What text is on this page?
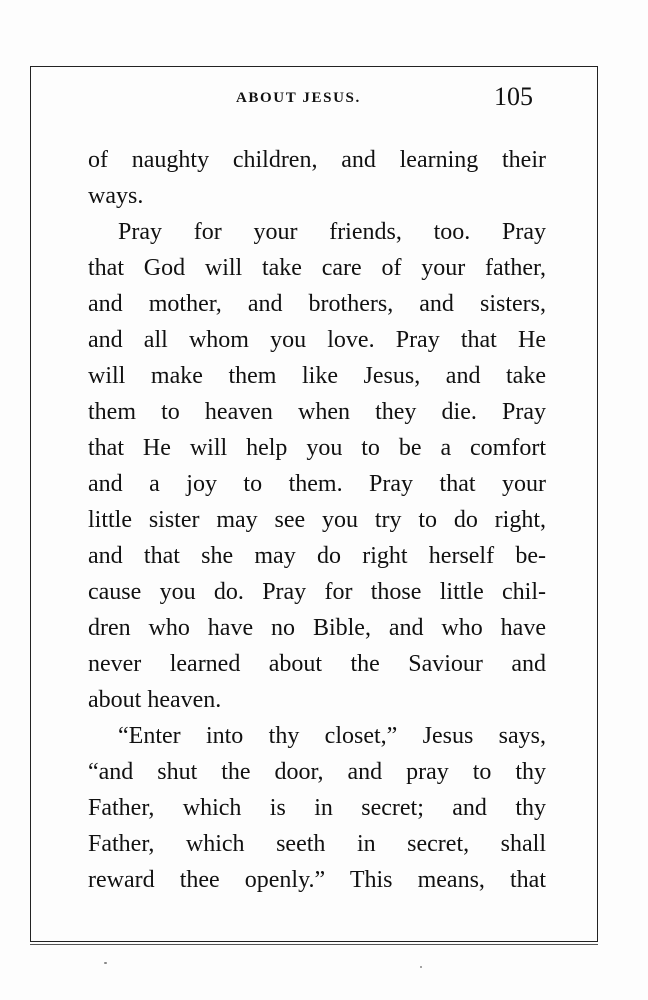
ABOUT JESUS.	105
of naughty children, and learning their
ways.
Pray for your friends, too. Pray
that God will take care of your father,
and mother, and brothers, and sisters,
and all whom you love. Pray that He
will make them like Jesus, and take
them to heaven when they die. Pray
that He will help you to be a comfort
and a joy to them. Pray that your
little sister may see you try to do right,
and that she may do right herself be-
cause you do. Pray for those little chil-
dren who have no Bible, and who have
never learned about the Saviour and
about heaven.
“Enter into thy closet,” Jesus says,
“and shut the door, and pray to thy
Father, which is in secret; and thy
Father, which seeth in secret, shall
reward thee openly.” This means, that
